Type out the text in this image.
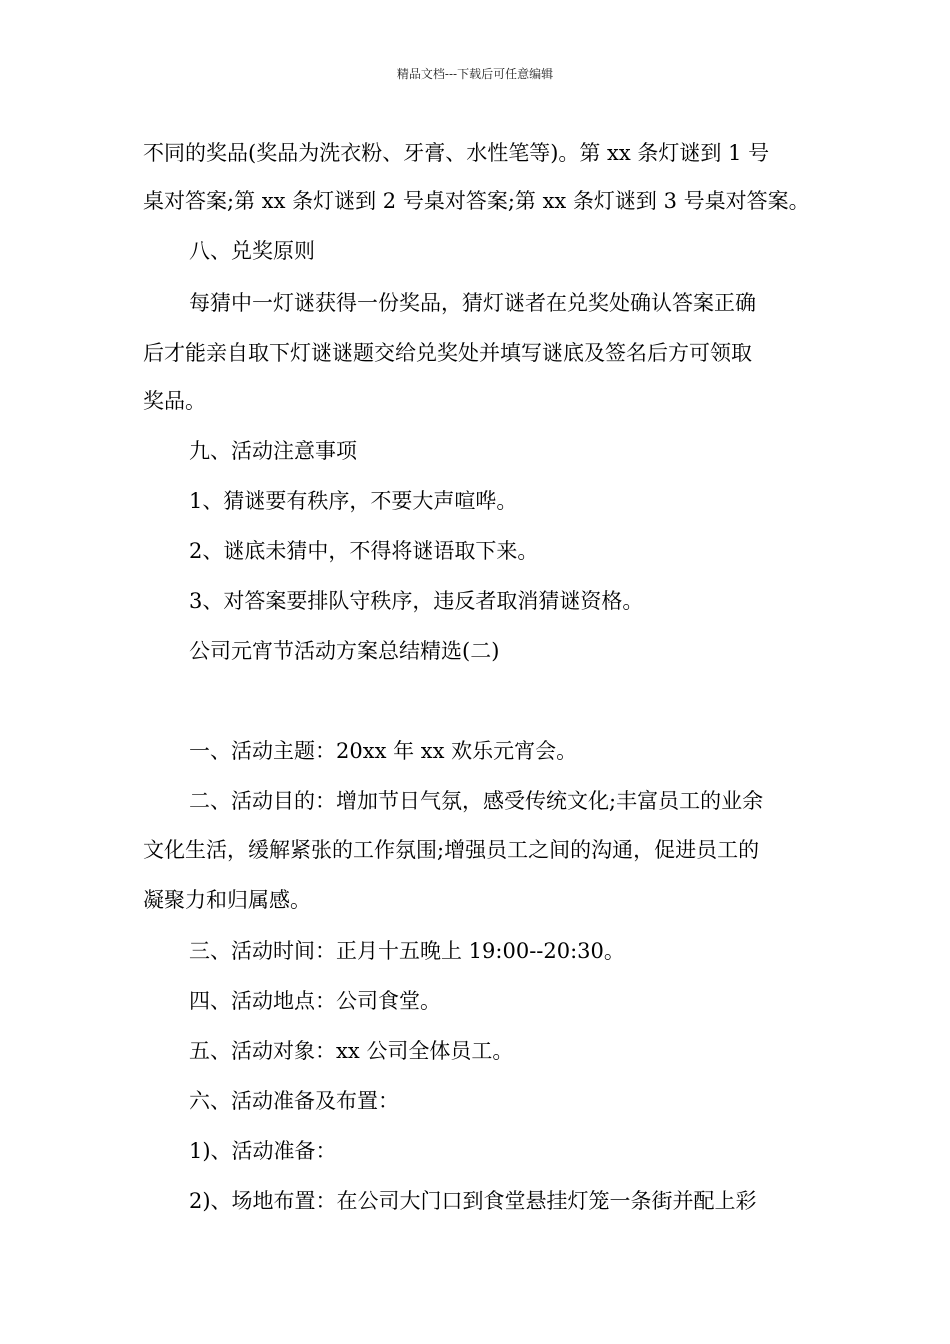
精品文档---下载后可任意编辑
不同的奖品(奖品为洗衣粉、牙膏、水性笔等)。第 xx 条灯谜到 1 号
桌对答案;第 xx 条灯谜到 2 号桌对答案;第 xx 条灯谜到 3 号桌对答案。
八、兑奖原则
每猜中一灯谜获得一份奖品，猜灯谜者在兑奖处确认答案正确
后才能亲自取下灯谜谜题交给兑奖处并填写谜底及签名后方可领取
奖品。
九、活动注意事项
1、猜谜要有秩序，不要大声喧哗。
2、谜底未猜中，不得将谜语取下来。
3、对答案要排队守秩序，违反者取消猜谜资格。
公司元宵节活动方案总结精选(二)
一、活动主题：20xx 年 xx 欢乐元宵会。
二、活动目的：增加节日气氛，感受传统文化;丰富员工的业余
文化生活，缓解紧张的工作氛围;增强员工之间的沟通，促进员工的
凝聚力和归属感。
三、活动时间：正月十五晚上 19:00--20:30。
四、活动地点：公司食堂。
五、活动对象：xx 公司全体员工。
六、活动准备及布置：
1)、活动准备：
2)、场地布置：在公司大门口到食堂悬挂灯笼一条街并配上彩
